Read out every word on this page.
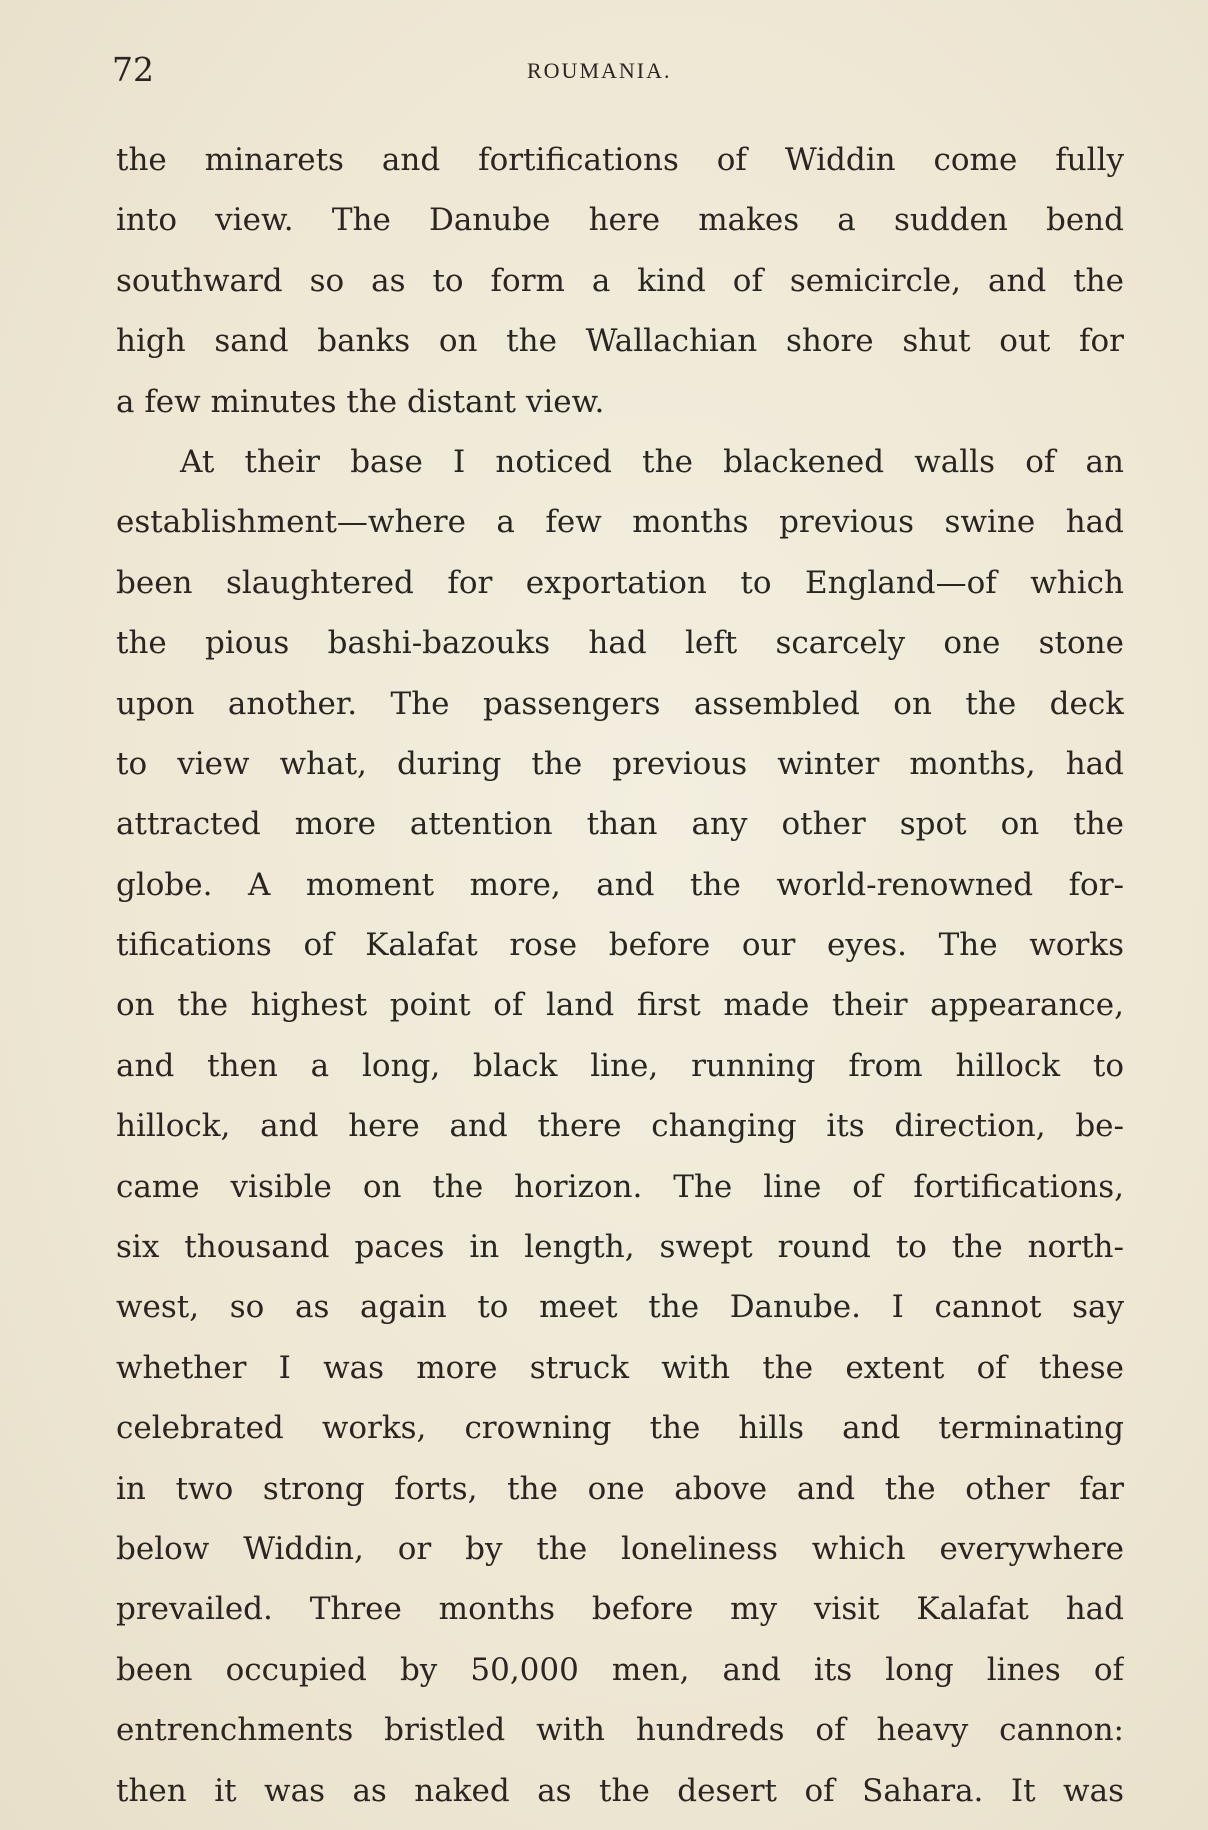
72	ROUMANIA.
the minarets and fortifications of Widdin come fully
into view. The Danube here makes a sudden bend
southward so as to form a kind of semicircle, and the
high sand banks on the Wallachian shore shut out for
a few minutes the distant view.
At their base I noticed the blackened walls of an
establishment—where a few months previous swine had
been slaughtered for exportation to England—of which
the pious bashi-bazouks had left scarcely one stone
upon another. The passengers assembled on the deck
to view what, during the previous winter months, had
attracted more attention than any other spot on the
globe. A moment more, and the world-renowned for-
tifications of Kalafat rose before our eyes. The works
on the highest point of land first made their appearance,
and then a long, black line, running from hillock to
hillock, and here and there changing its direction, be-
came visible on the horizon. The line of fortifications,
six thousand paces in length, swept round to the north-
west, so as again to meet the Danube. I cannot say
whether I was more struck with the extent of these
celebrated works, crowning the hills and terminating
in two strong forts, the one above and the other far
below Widdin, or by the loneliness which everywhere
prevailed. Three months before my visit Kalafat had
been occupied by 50,000 men, and its long lines of
entrenchments bristled with hundreds of heavy cannon:
then it was as naked as the desert of Sahara. It was
